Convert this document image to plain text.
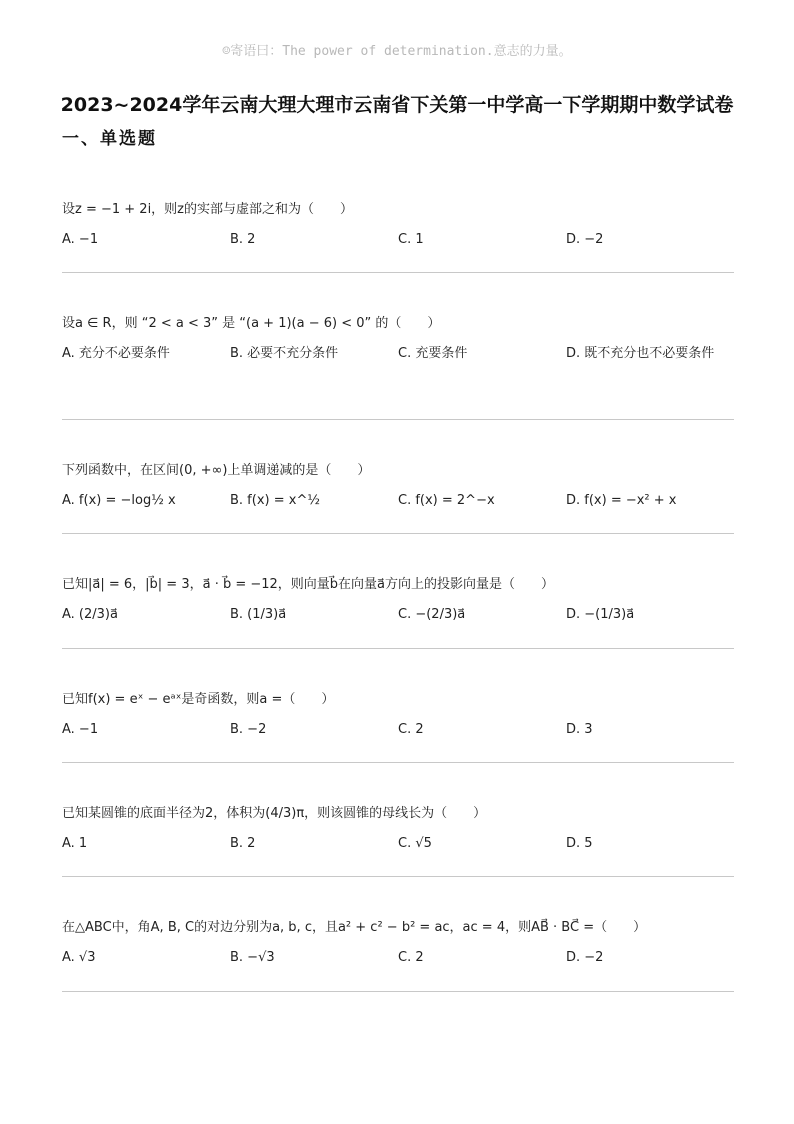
☺寄语曰：The power of determination.意志的力量。
2023~2024学年云南大理大理市云南省下关第一中学高一下学期期中数学试卷
一、单选题
设z = −1 + 2i，则z的实部与虚部之和为（　　）
A. −1	B. 2	C. 1	D. −2
设a ∈ R，则 “2 < a < 3” 是 “(a + 1)(a − 6) < 0” 的（　　）
A. 充分不必要条件	B. 必要不充分条件	C. 充要条件	D. 既不充分也不必要条件
下列函数中，在区间(0, +∞)上单调递减的是（　　）
A. f(x) = −log½ x	B. f(x) = x^½	C. f(x) = 2^−x	D. f(x) = −x² + x
已知|a⃗| = 6，|b⃗| = 3，a⃗ · b⃗ = −12，则向量b⃗在向量a⃗方向上的投影向量是（　　）
A. (2/3)a⃗	B. (1/3)a⃗	C. −(2/3)a⃗	D. −(1/3)a⃗
已知f(x) = eˣ − eᵃˣ是奇函数，则a =（　　）
A. −1	B. −2	C. 2	D. 3
已知某圆锥的底面半径为2，体积为(4/3)π，则该圆锥的母线长为（　　）
A. 1	B. 2	C. √5	D. 5
在△ABC中，角A, B, C的对边分别为a, b, c，且a² + c² − b² = ac，ac = 4，则AB⃗ · BC⃗ =（　　）
A. √3	B. −√3	C. 2	D. −2
